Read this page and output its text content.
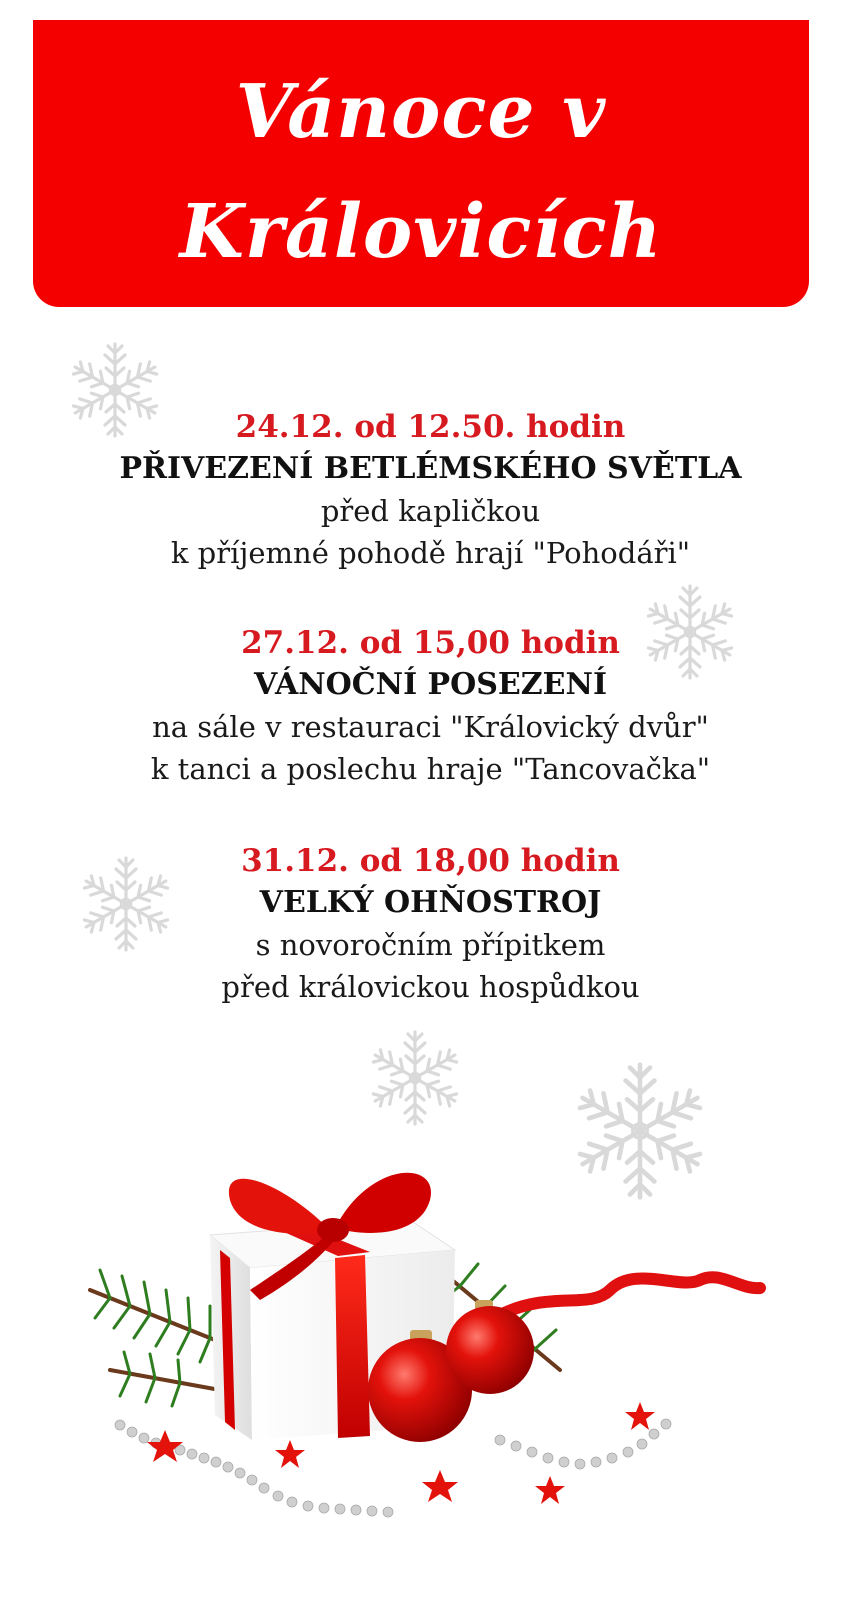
Vánoce v
Královicích
24.12. od 12.50. hodin
PŘIVEZENÍ BETLÉMSKÉHO SVĚTLA
před kapličkou
k příjemné pohodě hrají "Pohodáři"
27.12. od 15,00 hodin
VÁNOČNÍ POSEZENÍ
na sále v restauraci "Královický dvůr"
k tanci a poslechu hraje "Tancovačka"
31.12. od 18,00 hodin
VELKÝ OHŇOSTROJ
s novoročním přípitkem
před královickou hospůdkou
